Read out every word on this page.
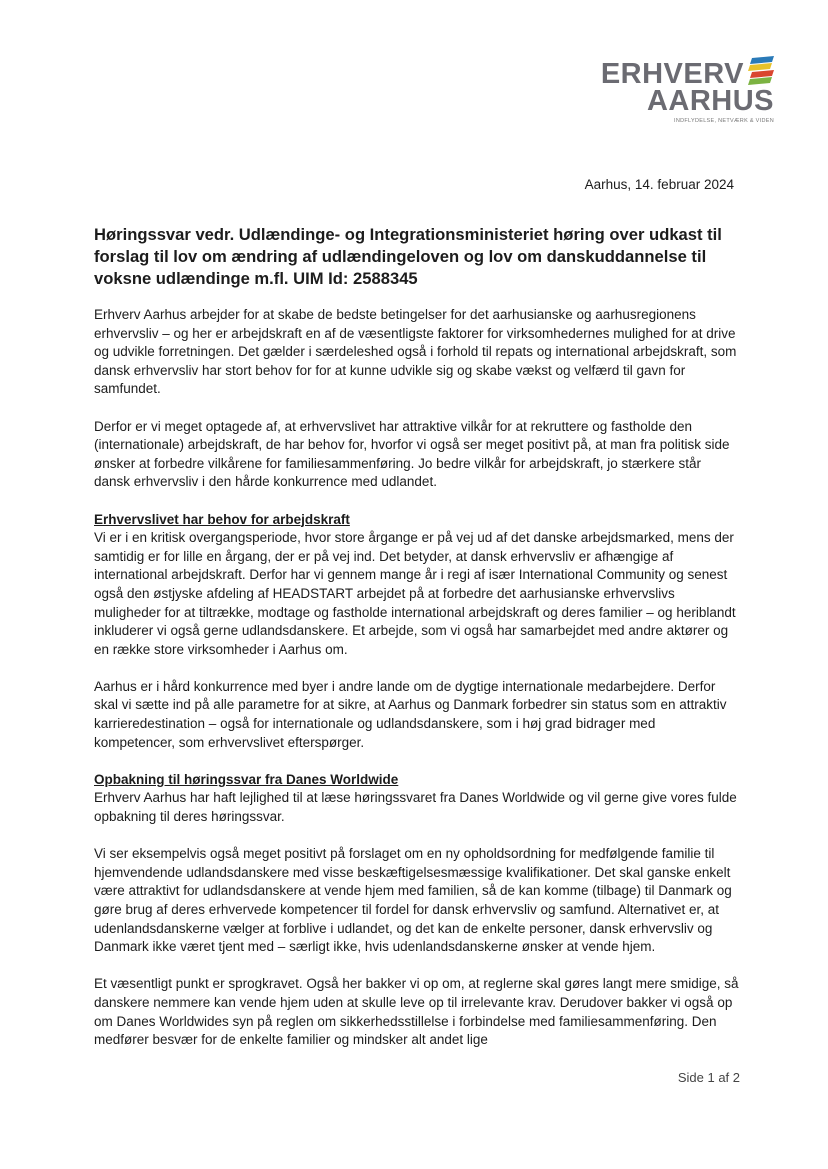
ERHVERV
AARHUS
INDFLYDELSE, NETVÆRK & VIDEN
Aarhus, 14. februar 2024
Høringssvar vedr. Udlændinge- og Integrationsministeriet høring over udkast til forslag til lov om ændring af udlændingeloven og lov om danskuddannelse til voksne udlændinge m.fl. UIM Id: 2588345

Erhverv Aarhus arbejder for at skabe de bedste betingelser for det aarhusianske og aarhusregionens erhvervsliv – og her er arbejdskraft en af de væsentligste faktorer for virksomhedernes mulighed for at drive og udvikle forretningen. Det gælder i særdeleshed også i forhold til repats og international arbejdskraft, som dansk erhvervsliv har stort behov for for at kunne udvikle sig og skabe vækst og velfærd til gavn for samfundet.

Derfor er vi meget optagede af, at erhvervslivet har attraktive vilkår for at rekruttere og fastholde den (internationale) arbejdskraft, de har behov for, hvorfor vi også ser meget positivt på, at man fra politisk side ønsker at forbedre vilkårene for familiesammenføring. Jo bedre vilkår for arbejdskraft, jo stærkere står dansk erhvervsliv i den hårde konkurrence med udlandet.

Erhvervslivet har behov for arbejdskraft
Vi er i en kritisk overgangsperiode, hvor store årgange er på vej ud af det danske arbejdsmarked, mens der samtidig er for lille en årgang, der er på vej ind. Det betyder, at dansk erhvervsliv er afhængige af international arbejdskraft. Derfor har vi gennem mange år i regi af især International Community og senest også den østjyske afdeling af HEADSTART arbejdet på at forbedre det aarhusianske erhvervslivs muligheder for at tiltrække, modtage og fastholde international arbejdskraft og deres familier – og heriblandt inkluderer vi også gerne udlandsdanskere. Et arbejde, som vi også har samarbejdet med andre aktører og en række store virksomheder i Aarhus om.

Aarhus er i hård konkurrence med byer i andre lande om de dygtige internationale medarbejdere. Derfor skal vi sætte ind på alle parametre for at sikre, at Aarhus og Danmark forbedrer sin status som en attraktiv karrieredestination – også for internationale og udlandsdanskere, som i høj grad bidrager med kompetencer, som erhvervslivet efterspørger.

Opbakning til høringssvar fra Danes Worldwide
Erhverv Aarhus har haft lejlighed til at læse høringssvaret fra Danes Worldwide og vil gerne give vores fulde opbakning til deres høringssvar.

Vi ser eksempelvis også meget positivt på forslaget om en ny opholdsordning for medfølgende familie til hjemvendende udlandsdanskere med visse beskæftigelsesmæssige kvalifikationer. Det skal ganske enkelt være attraktivt for udlandsdanskere at vende hjem med familien, så de kan komme (tilbage) til Danmark og gøre brug af deres erhvervede kompetencer til fordel for dansk erhvervsliv og samfund. Alternativet er, at udenlandsdanskerne vælger at forblive i udlandet, og det kan de enkelte personer, dansk erhvervsliv og Danmark ikke været tjent med – særligt ikke, hvis udenlandsdanskerne ønsker at vende hjem.

Et væsentligt punkt er sprogkravet. Også her bakker vi op om, at reglerne skal gøres langt mere smidige, så danskere nemmere kan vende hjem uden at skulle leve op til irrelevante krav. Derudover bakker vi også op om Danes Worldwides syn på reglen om sikkerhedsstillelse i forbindelse med familiesammenføring. Den medfører besvær for de enkelte familier og mindsker alt andet lige

Side 1 af 2
